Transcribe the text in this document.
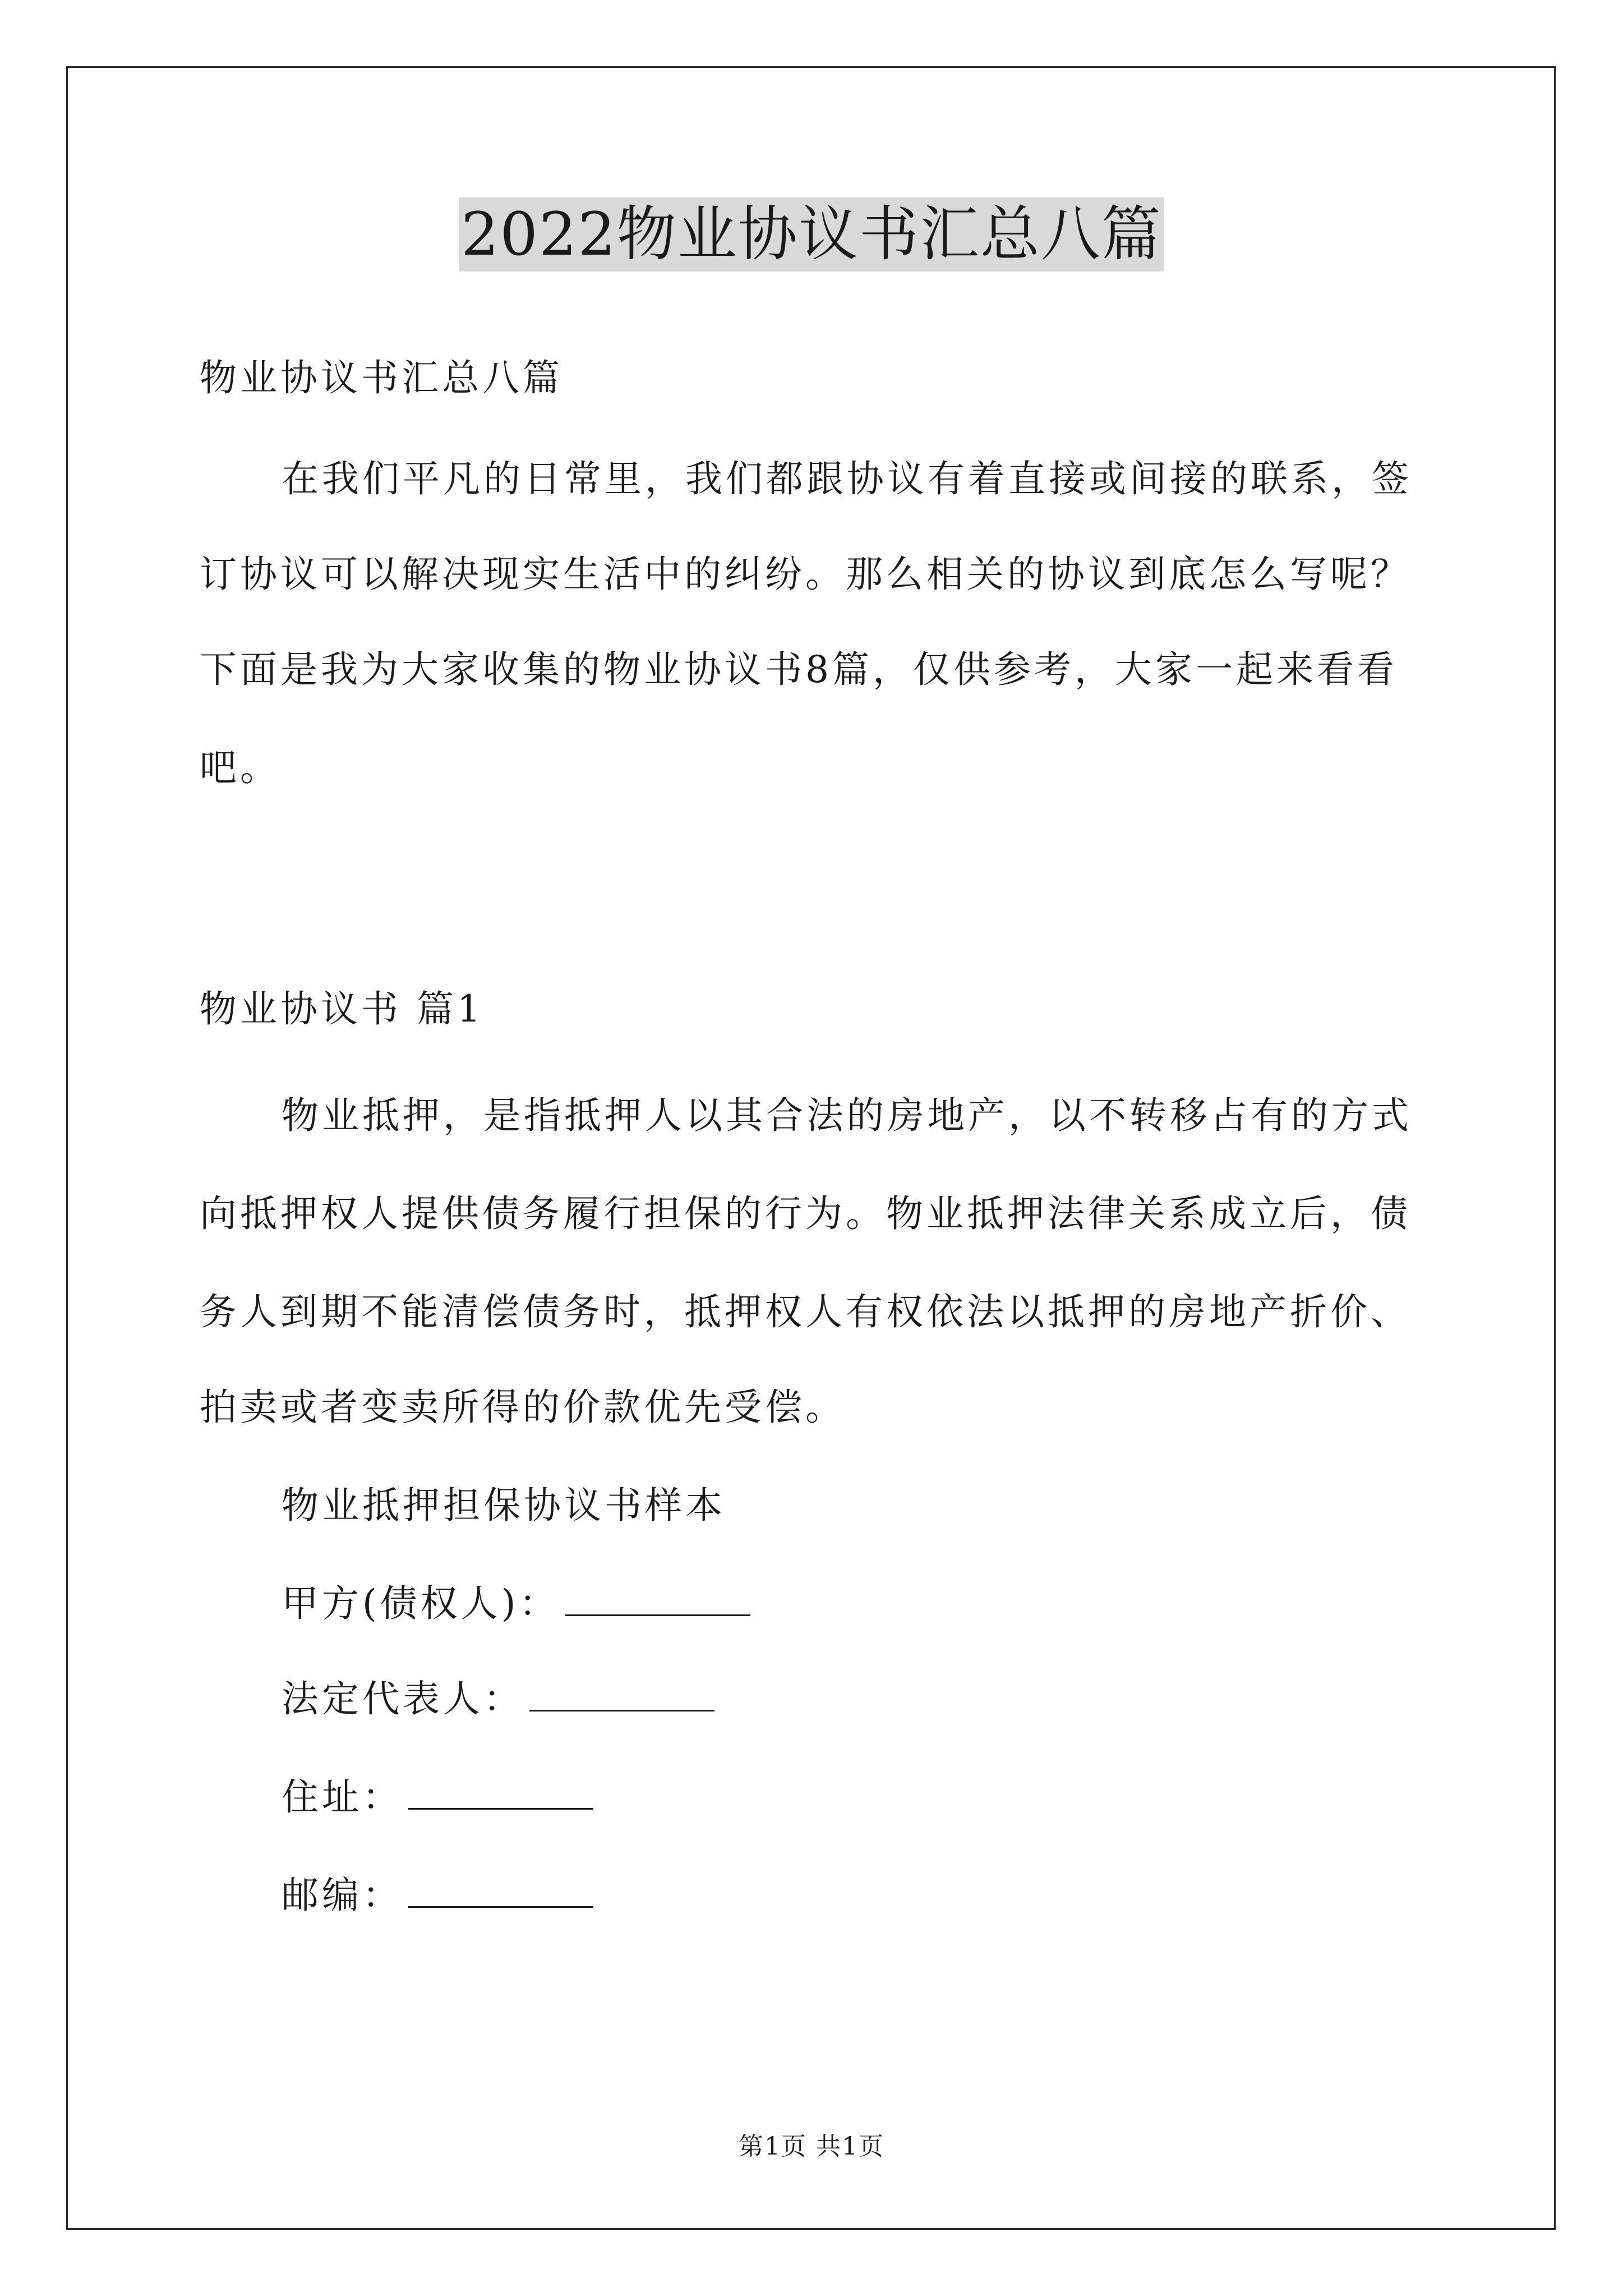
2022物业协议书汇总八篇
物业协议书汇总八篇
在我们平凡的日常里，我们都跟协议有着直接或间接的联系，签
订协议可以解决现实生活中的纠纷。那么相关的协议到底怎么写呢？
下面是我为大家收集的物业协议书8篇，仅供参考，大家一起来看看
吧。
物业协议书 篇1
物业抵押，是指抵押人以其合法的房地产，以不转移占有的方式
向抵押权人提供债务履行担保的行为。物业抵押法律关系成立后，债
务人到期不能清偿债务时，抵押权人有权依法以抵押的房地产折价、
拍卖或者变卖所得的价款优先受偿。
物业抵押担保协议书样本
甲方(债权人)：
法定代表人：
住址：
邮编：
第1页 共1页
